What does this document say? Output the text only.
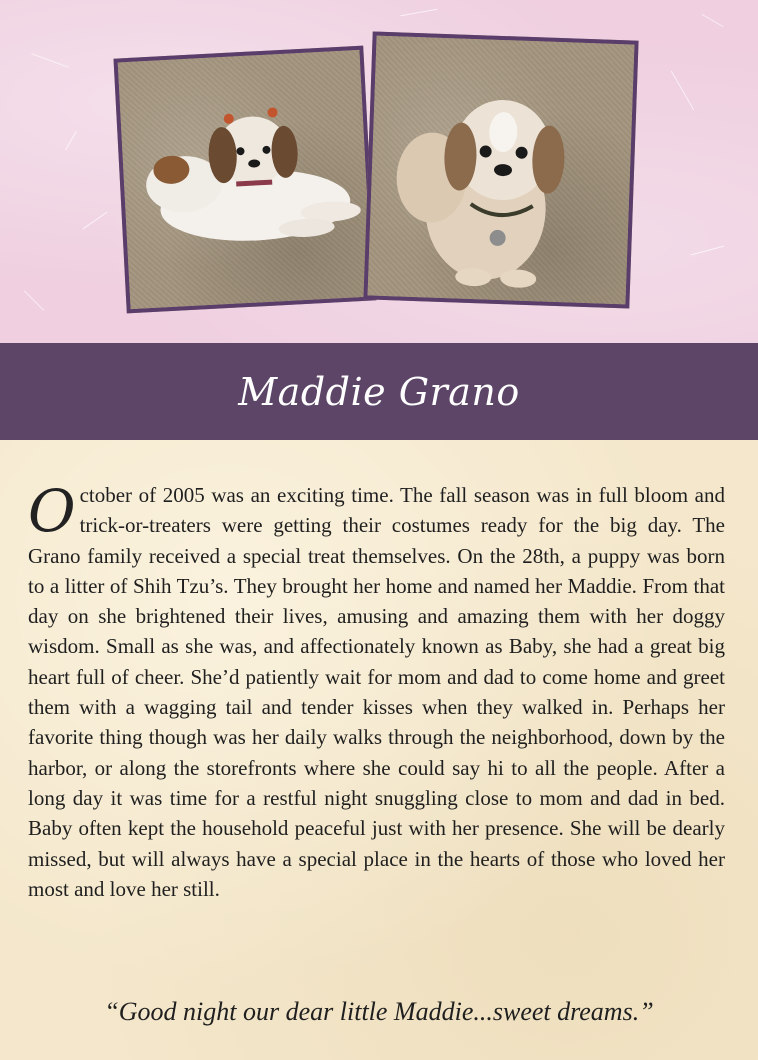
Maddie Grano

October of 2005 was an exciting time. The fall season was in full bloom and trick-or-treaters were getting their costumes ready for the big day. The Grano family received a special treat themselves. On the 28th, a puppy was born to a litter of Shih Tzu’s. They brought her home and named her Maddie. From that day on she brightened their lives, amusing and amazing them with her doggy wisdom. Small as she was, and affectionately known as Baby, she had a great big heart full of cheer. She’d patiently wait for mom and dad to come home and greet them with a wagging tail and tender kisses when they walked in. Perhaps her favorite thing though was her daily walks through the neighborhood, down by the harbor, or along the storefronts where she could say hi to all the people. After a long day it was time for a restful night snuggling close to mom and dad in bed. Baby often kept the household peaceful just with her presence. She will be dearly missed, but will always have a special place in the hearts of those who loved her most and love her still.

“Good night our dear little Maddie...sweet dreams.”
